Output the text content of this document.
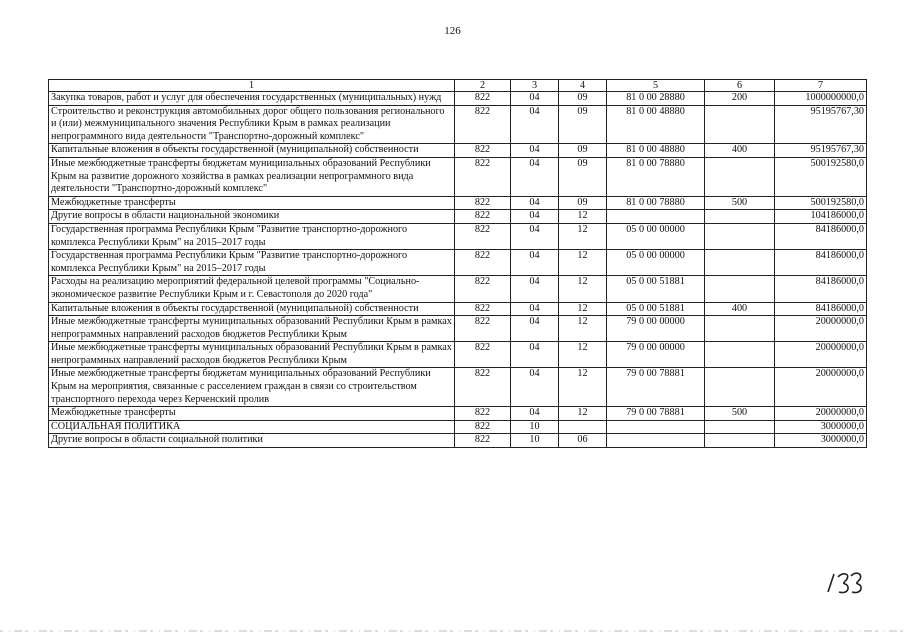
126
1	2	3	4	5	6	7
Закупка товаров, работ и услуг для обеспечения государственных (муниципальных) нужд	822	04	09	81 0 00 28880	200	1000000000,0
Строительство и реконструкция автомобильных дорог общего пользования регионального и (или) межмуниципального значения Республики Крым в рамках реализации непрограммного вида деятельности "Транспортно-дорожный комплекс"	822	04	09	81 0 00 48880		95195767,30
Капитальные вложения в объекты государственной (муниципальной) собственности	822	04	09	81 0 00 48880	400	95195767,30
Иные межбюджетные трансферты бюджетам муниципальных образований Республики Крым на развитие дорожного хозяйства в рамках реализации непрограммного вида деятельности "Транспортно-дорожный комплекс"	822	04	09	81 0 00 78880		500192580,0
Межбюджетные трансферты	822	04	09	81 0 00 78880	500	500192580,0
Другие вопросы в области национальной экономики	822	04	12			104186000,0
Государственная программа Республики Крым "Развитие транспортно-дорожного комплекса Республики Крым" на 2015–2017 годы	822	04	12	05 0 00 00000		84186000,0
Государственная программа Республики Крым "Развитие транспортно-дорожного комплекса Республики Крым" на 2015–2017 годы	822	04	12	05 0 00 00000		84186000,0
Расходы на реализацию мероприятий федеральной целевой программы "Социально-экономическое развитие Республики Крым и г. Севастополя до 2020 года"	822	04	12	05 0 00 51881		84186000,0
Капитальные вложения в объекты государственной (муниципальной) собственности	822	04	12	05 0 00 51881	400	84186000,0
Иные межбюджетные трансферты муниципальных образований Республики Крым в рамках непрограммных направлений расходов бюджетов Республики Крым	822	04	12	79 0 00 00000		20000000,0
Иные межбюджетные трансферты муниципальных образований Республики Крым в рамках непрограммных направлений расходов бюджетов Республики Крым	822	04	12	79 0 00 00000		20000000,0
Иные межбюджетные трансферты бюджетам муниципальных образований Республики Крым на мероприятия, связанные с расселением граждан в связи со строительством транспортного перехода через Керченский пролив	822	04	12	79 0 00 78881		20000000,0
Межбюджетные трансферты	822	04	12	79 0 00 78881	500	20000000,0
СОЦИАЛЬНАЯ ПОЛИТИКА	822	10				3000000,0
Другие вопросы в области социальной политики	822	10	06			3000000,0
